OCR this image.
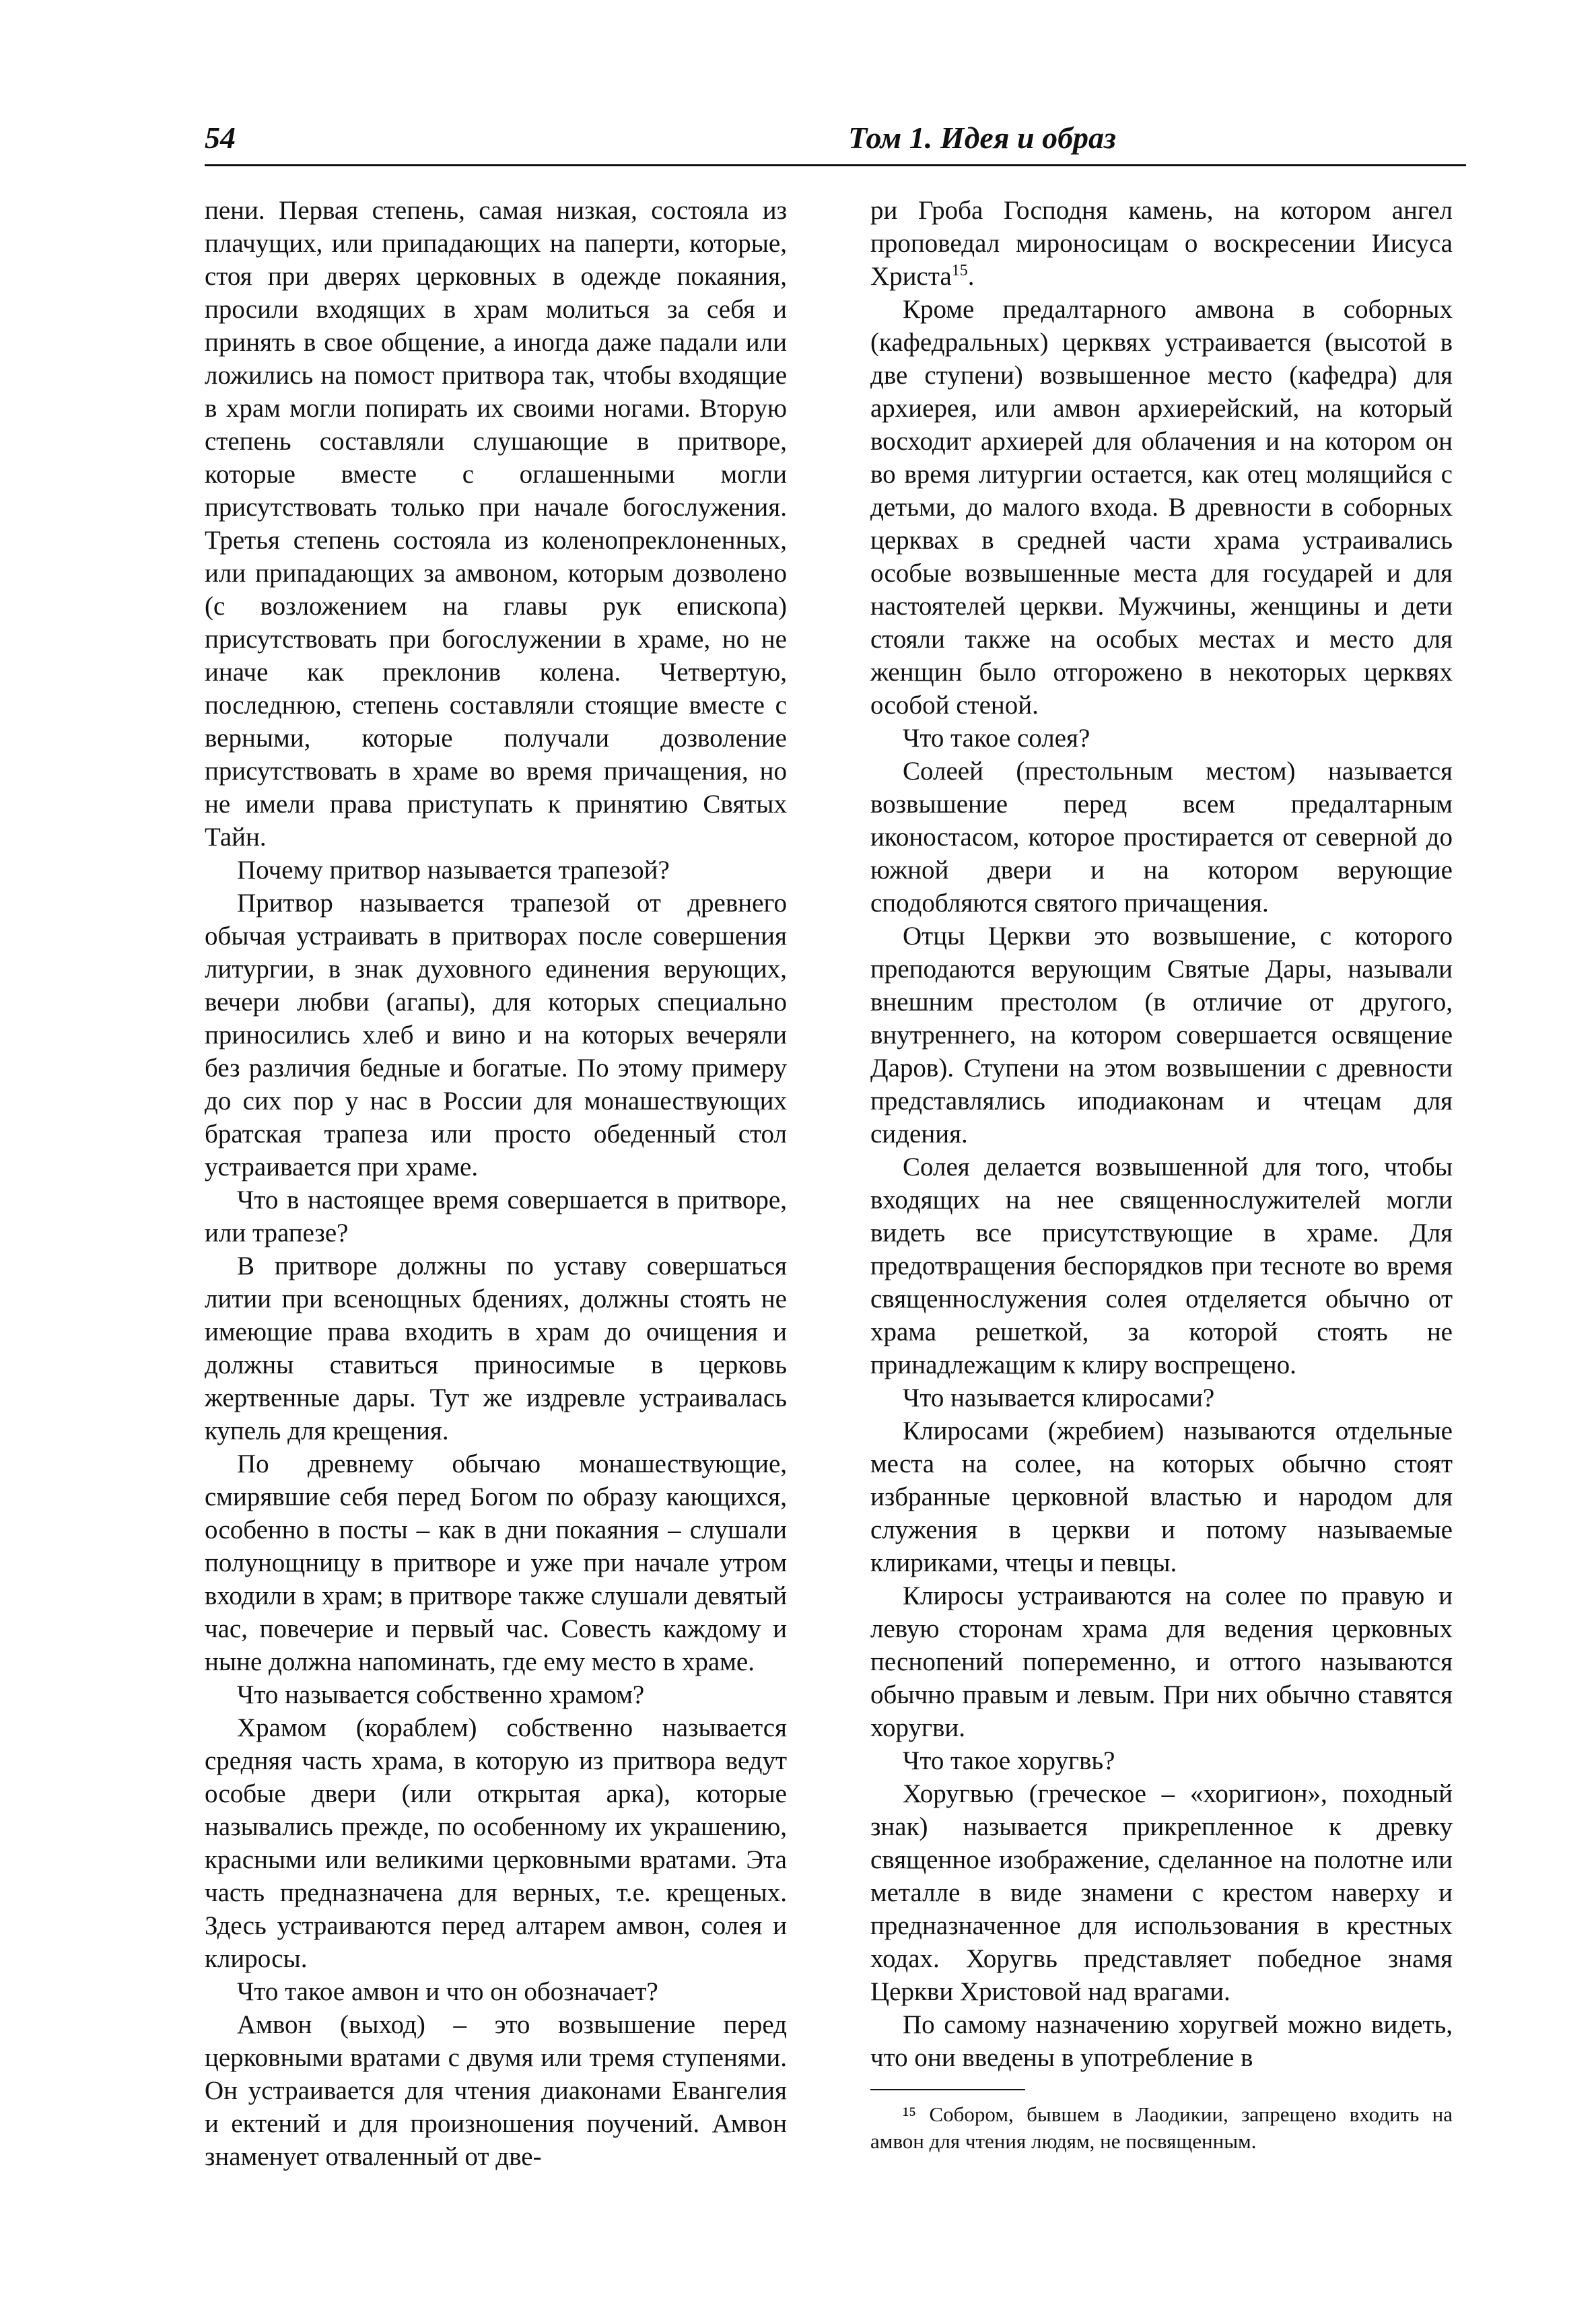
54	Том 1. Идея и образ

пени. Первая степень, самая низкая, состояла из плачущих, или припадающих на паперти, которые, стоя при дверях церковных в одежде покаяния, просили входящих в храм молиться за себя и принять в свое общение, а иногда даже падали или ложились на помост притвора так, чтобы входящие в храм могли попирать их своими ногами. Вторую степень составляли слушающие в притворе, которые вместе с оглашенными могли присутствовать только при начале богослужения. Третья степень состояла из коленопреклоненных, или припадающих за амвоном, которым дозволено (с возложением на главы рук епископа) присутствовать при богослужении в храме, но не иначе как преклонив колена. Четвертую, последнюю, степень составляли стоящие вместе с верными, которые получали дозволение присутствовать в храме во время причащения, но не имели права приступать к принятию Святых Тайн.

Почему притвор называется трапезой?

Притвор называется трапезой от древнего обычая устраивать в притворах после совершения литургии, в знак духовного единения верующих, вечери любви (агапы), для которых специально приносились хлеб и вино и на которых вечеряли без различия бедные и богатые. По этому примеру до сих пор у нас в России для монашествующих братская трапеза или просто обеденный стол устраивается при храме.

Что в настоящее время совершается в притворе, или трапезе?

В притворе должны по уставу совершаться литии при всенощных бдениях, должны стоять не имеющие права входить в храм до очищения и должны ставиться приносимые в церковь жертвенные дары. Тут же издревле устраивалась купель для крещения.

По древнему обычаю монашествующие, смирявшие себя перед Богом по образу кающихся, особенно в посты – как в дни покаяния – слушали полунощницу в притворе и уже при начале утром входили в храм; в притворе также слушали девятый час, повечерие и первый час. Совесть каждому и ныне должна напоминать, где ему место в храме.

Что называется собственно храмом?

Храмом (кораблем) собственно называется средняя часть храма, в которую из притвора ведут особые двери (или открытая арка), которые назывались прежде, по особенному их украшению, красными или великими церковными вратами. Эта часть предназначена для верных, т.е. крещеных. Здесь устраиваются перед алтарем амвон, солея и клиросы.

Что такое амвон и что он обозначает?

Амвон (выход) – это возвышение перед церковными вратами с двумя или тремя ступенями. Он устраивается для чтения диаконами Евангелия и ектений и для произношения поучений. Амвон знаменует отваленный от две-

ри Гроба Господня камень, на котором ангел проповедал мироносицам о воскресении Иисуса Христа$^{15}$.

Кроме предалтарного амвона в соборных (кафедральных) церквях устраивается (высотой в две ступени) возвышенное место (кафедра) для архиерея, или амвон архиерейский, на который восходит архиерей для облачения и на котором он во время литургии остается, как отец молящийся с детьми, до малого входа. В древности в соборных церквах в средней части храма устраивались особые возвышенные места для государей и для настоятелей церкви. Мужчины, женщины и дети стояли также на особых местах и место для женщин было отгорожено в некоторых церквях особой стеной.

Что такое солея?

Солеей (престольным местом) называется возвышение перед всем предалтарным иконостасом, которое простирается от северной до южной двери и на котором верующие сподобляются святого причащения.

Отцы Церкви это возвышение, с которого преподаются верующим Святые Дары, называли внешним престолом (в отличие от другого, внутреннего, на котором совершается освящение Даров). Ступени на этом возвышении с древности представлялись иподиаконам и чтецам для сидения.

Солея делается возвышенной для того, чтобы входящих на нее священнослужителей могли видеть все присутствующие в храме. Для предотвращения беспорядков при тесноте во время священнослужения солея отделяется обычно от храма решеткой, за которой стоять не принадлежащим к клиру воспрещено.

Что называется клиросами?

Клиросами (жребием) называются отдельные места на солее, на которых обычно стоят избранные церковной властью и народом для служения в церкви и потому называемые клириками, чтецы и певцы.

Клиросы устраиваются на солее по правую и левую сторонам храма для ведения церковных песнопений попеременно, и оттого называются обычно правым и левым. При них обычно ставятся хоругви.

Что такое хоругвь?

Хоругвью (греческое – «хоригион», походный знак) называется прикрепленное к древку священное изображение, сделанное на полотне или металле в виде знамени с крестом наверху и предназначенное для использования в крестных ходах. Хоругвь представляет победное знамя Церкви Христовой над врагами.

По самому назначению хоругвей можно видеть, что они введены в употребление в

¹⁵ Собором, бывшем в Лаодикии, запрещено входить на амвон для чтения людям, не посвященным.
